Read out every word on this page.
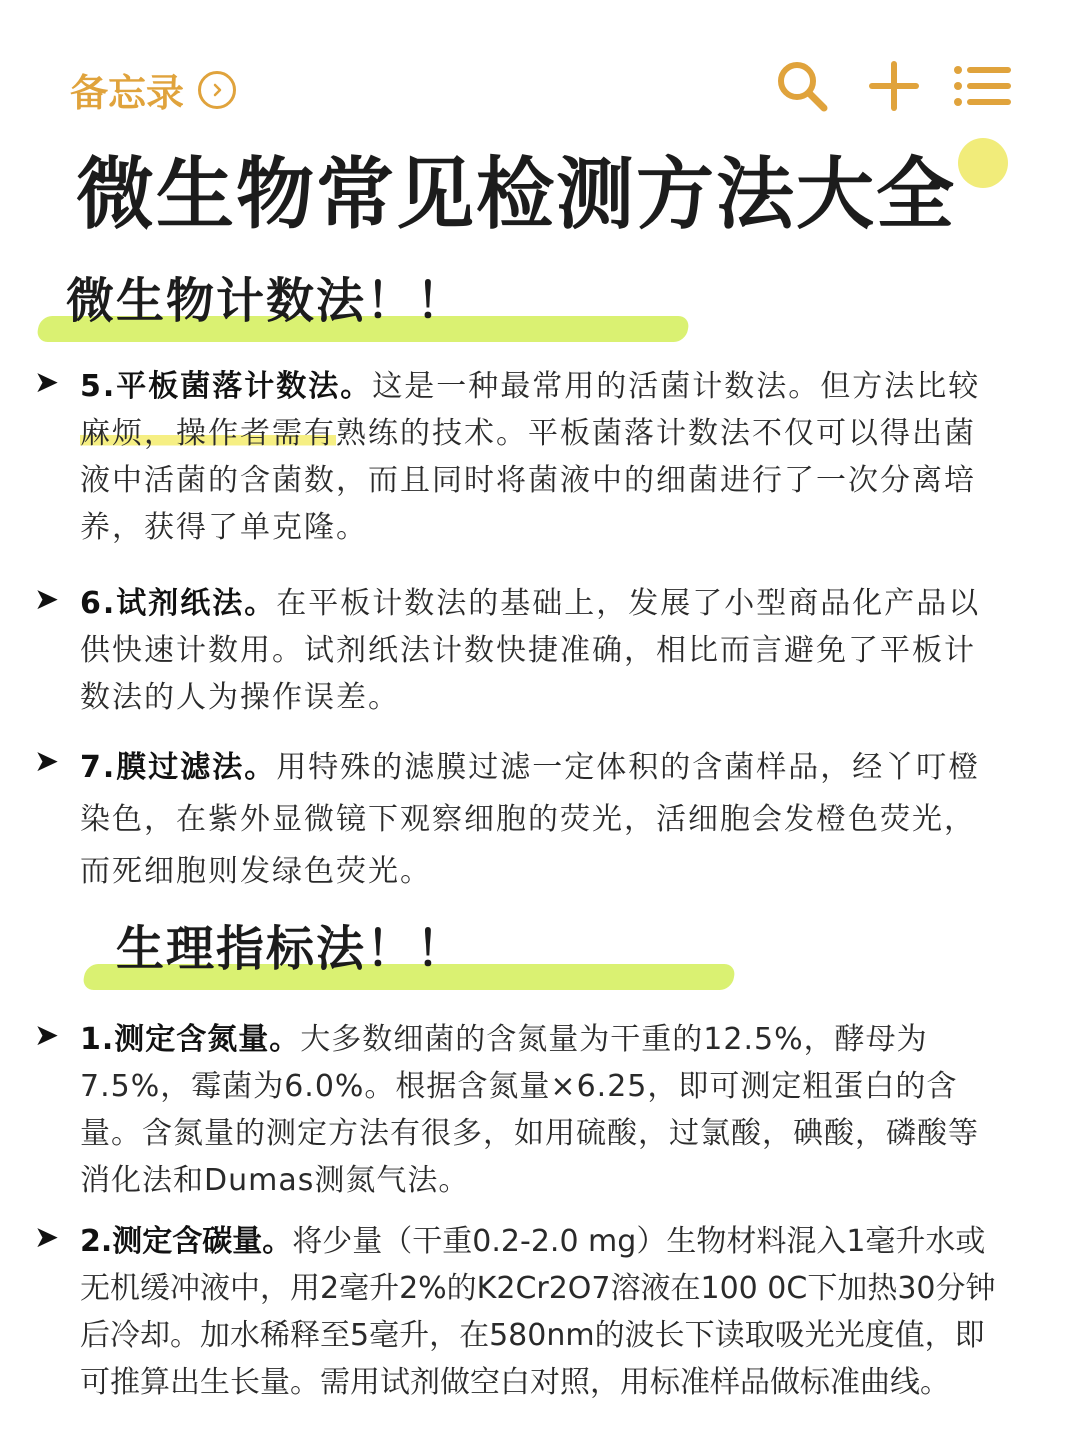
备忘录
微生物常见检测方法大全
微生物计数法！！
➤ 5.平板菌落计数法。这是一种最常用的活菌计数法。但方法比较麻烦，操作者需有熟练的技术。平板菌落计数法不仅可以得出菌液中活菌的含菌数，而且同时将菌液中的细菌进行了一次分离培养，获得了单克隆。
➤ 6.试剂纸法。在平板计数法的基础上，发展了小型商品化产品以供快速计数用。试剂纸法计数快捷准确，相比而言避免了平板计数法的人为操作误差。
➤ 7.膜过滤法。用特殊的滤膜过滤一定体积的含菌样品，经丫叮橙染色，在紫外显微镜下观察细胞的荧光，活细胞会发橙色荧光，而死细胞则发绿色荧光。
生理指标法！！
➤ 1.测定含氮量。大多数细菌的含氮量为干重的12.5%，酵母为7.5%，霉菌为6.0%。根据含氮量×6.25，即可测定粗蛋白的含量。含氮量的测定方法有很多，如用硫酸，过氯酸，碘酸，磷酸等消化法和Dumas测氮气法。
➤ 2.测定含碳量。将少量（干重0.2-2.0 mg）生物材料混入1毫升水或无机缓冲液中，用2毫升2%的K2Cr2O7溶液在100 0C下加热30分钟后冷却。加水稀释至5毫升，在580nm的波长下读取吸光光度值，即可推算出生长量。需用试剂做空白对照，用标准样品做标准曲线。
